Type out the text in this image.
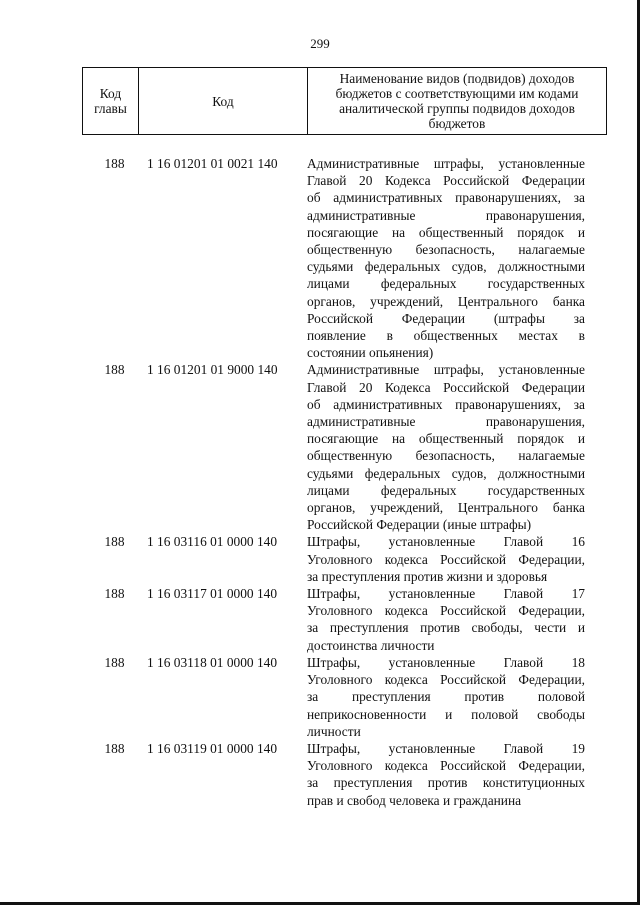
299
Код
главы	Код	Наименование видов (подвидов) доходов бюджетов с соответствующими им кодами аналитической группы подвидов доходов бюджетов
188	1 16 01201 01 0021 140	Административные штрафы, установленные
Главой 20 Кодекса Российской Федерации
об административных правонарушениях, за
административные правонарушения,
посягающие на общественный порядок и
общественную безопасность, налагаемые
судьями федеральных судов, должностными
лицами федеральных государственных
органов, учреждений, Центрального банка
Российской Федерации (штрафы за
появление в общественных местах в
состоянии опьянения)
188	1 16 01201 01 9000 140	Административные штрафы, установленные
Главой 20 Кодекса Российской Федерации
об административных правонарушениях, за
административные правонарушения,
посягающие на общественный порядок и
общественную безопасность, налагаемые
судьями федеральных судов, должностными
лицами федеральных государственных
органов, учреждений, Центрального банка
Российской Федерации (иные штрафы)
188	1 16 03116 01 0000 140	Штрафы, установленные Главой 16
Уголовного кодекса Российской Федерации,
за преступления против жизни и здоровья
188	1 16 03117 01 0000 140	Штрафы, установленные Главой 17
Уголовного кодекса Российской Федерации,
за преступления против свободы, чести и
достоинства личности
188	1 16 03118 01 0000 140	Штрафы, установленные Главой 18
Уголовного кодекса Российской Федерации,
за преступления против половой
неприкосновенности и половой свободы
личности
188	1 16 03119 01 0000 140	Штрафы, установленные Главой 19
Уголовного кодекса Российской Федерации,
за преступления против конституционных
прав и свобод человека и гражданина
